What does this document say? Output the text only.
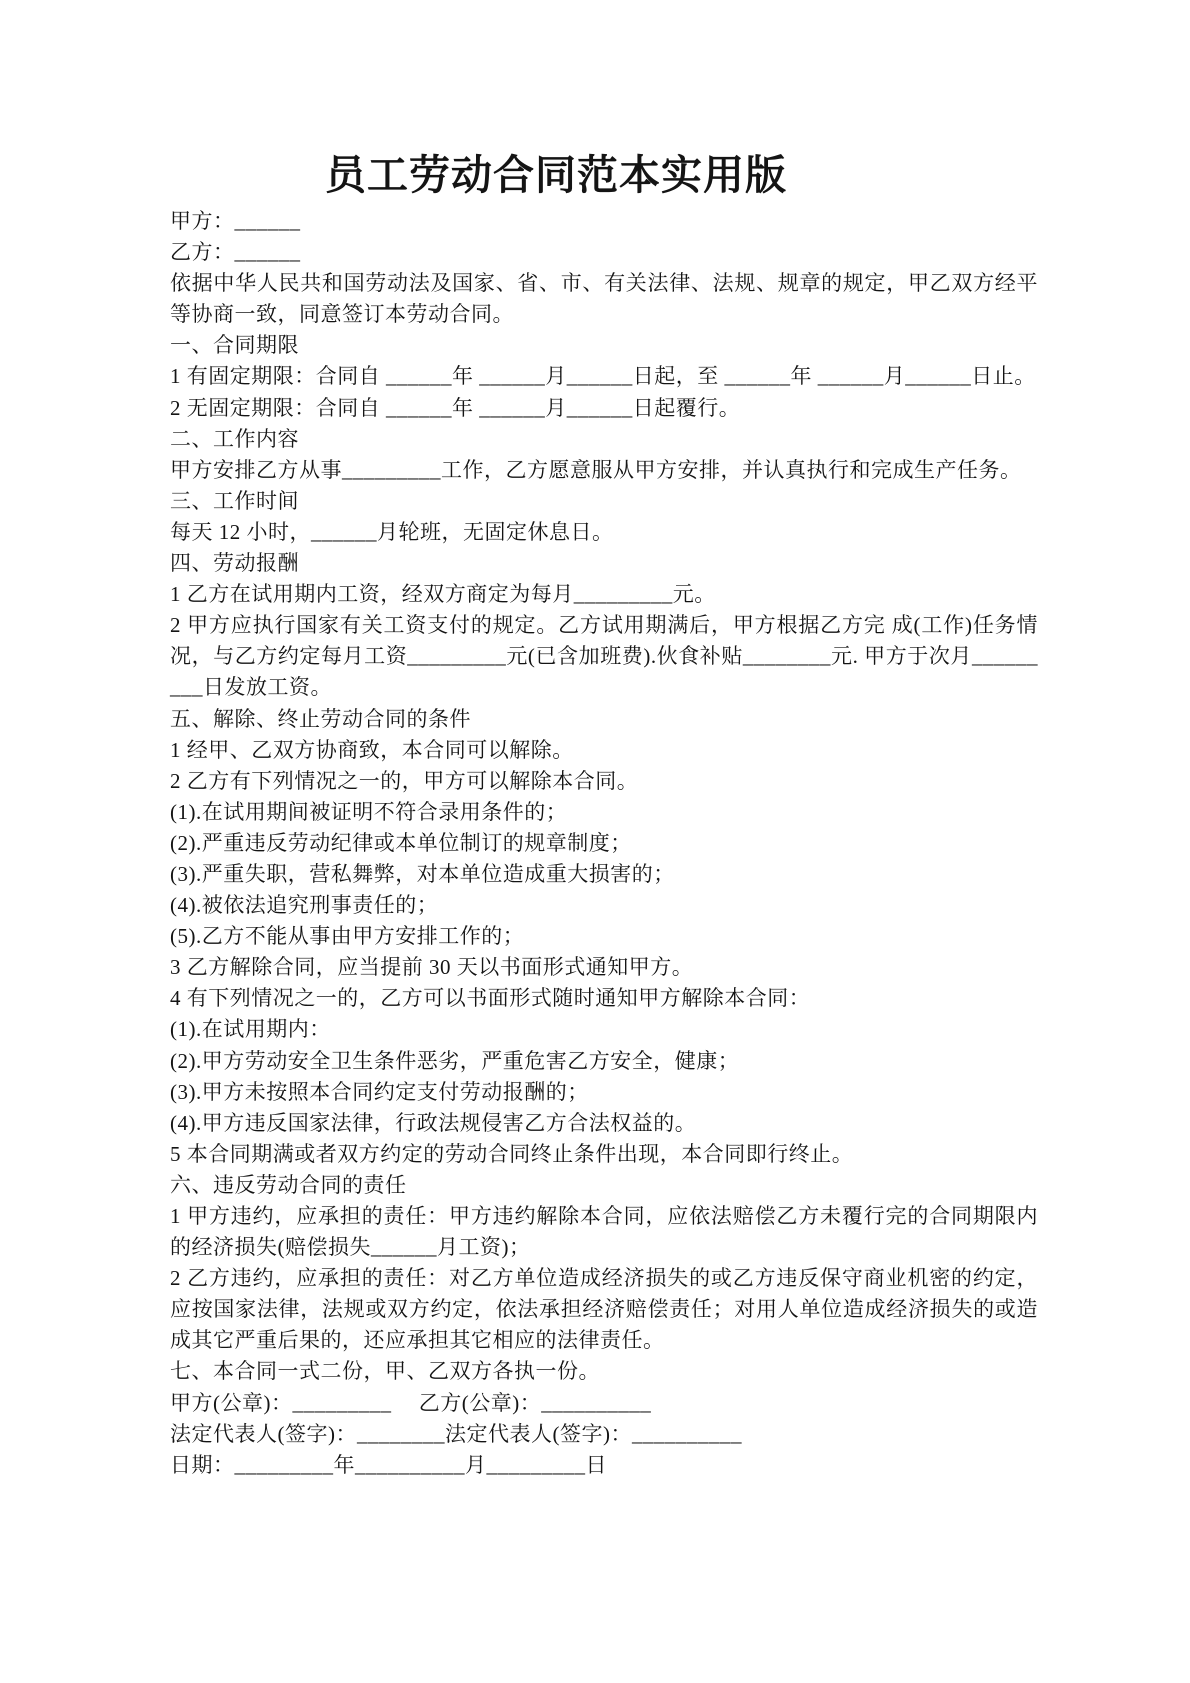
员工劳动合同范本实用版

甲方：______

乙方：______

依据中华人民共和国劳动法及国家、省、市、有关法律、法规、规章的规定，甲乙双方经平等协商一致，同意签订本劳动合同。

一、合同期限

1 有固定期限：合同自 ______年 ______月______日起，至 ______年 ______月______日止。

2 无固定期限：合同自 ______年 ______月______日起覆行。

二、工作内容

甲方安排乙方从事_________工作，乙方愿意服从甲方安排，并认真执行和完成生产任务。

三、工作时间

每天 12 小时，______月轮班，无固定休息日。

四、劳动报酬

1 乙方在试用期内工资，经双方商定为每月_________元。

2 甲方应执行国家有关工资支付的规定。乙方试用期满后，甲方根据乙方完 成(工作)任务情况，与乙方约定每月工资_________元(已含加班费).伙食补贴________元. 甲方于次月_________日发放工资。

五、解除、终止劳动合同的条件

1 经甲、乙双方协商致，本合同可以解除。

2 乙方有下列情况之一的，甲方可以解除本合同。

(1).在试用期间被证明不符合录用条件的；

(2).严重违反劳动纪律或本单位制订的规章制度；

(3).严重失职，营私舞弊，对本单位造成重大损害的；

(4).被依法追究刑事责任的；

(5).乙方不能从事由甲方安排工作的；

3 乙方解除合同，应当提前 30 天以书面形式通知甲方。

4 有下列情况之一的，乙方可以书面形式随时通知甲方解除本合同：

(1).在试用期内：

(2).甲方劳动安全卫生条件恶劣，严重危害乙方安全，健康；

(3).甲方未按照本合同约定支付劳动报酬的；

(4).甲方违反国家法律，行政法规侵害乙方合法权益的。

5 本合同期满或者双方约定的劳动合同终止条件出现，本合同即行终止。

六、违反劳动合同的责任

1 甲方违约，应承担的责任：甲方违约解除本合同，应依法赔偿乙方未覆行完的合同期限内的经济损失(赔偿损失______月工资)；

2 乙方违约，应承担的责任：对乙方单位造成经济损失的或乙方违反保守商业机密的约定，应按国家法律，法规或双方约定，依法承担经济赔偿责任；对用人单位造成经济损失的或造成其它严重后果的，还应承担其它相应的法律责任。

七、本合同一式二份，甲、乙双方各执一份。

甲方(公章)：_________　 乙方(公章)：__________

法定代表人(签字)：________法定代表人(签字)：__________

日期：_________年__________月_________日
